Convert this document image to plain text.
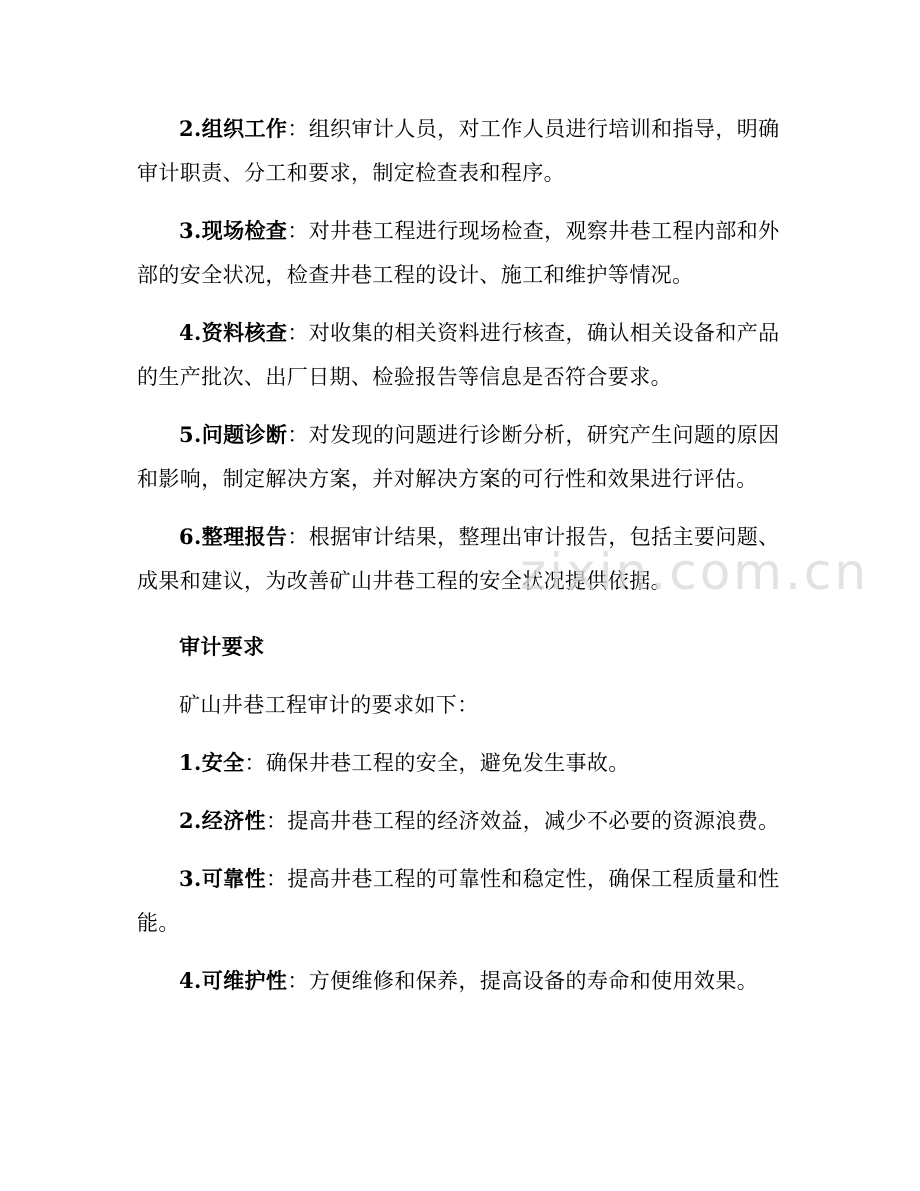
2.组织工作：组织审计人员，对工作人员进行培训和指导，明确审计职责、分工和要求，制定检查表和程序。

3.现场检查：对井巷工程进行现场检查，观察井巷工程内部和外部的安全状况，检查井巷工程的设计、施工和维护等情况。

4.资料核查：对收集的相关资料进行核查，确认相关设备和产品的生产批次、出厂日期、检验报告等信息是否符合要求。

5.问题诊断：对发现的问题进行诊断分析，研究产生问题的原因和影响，制定解决方案，并对解决方案的可行性和效果进行评估。

6.整理报告：根据审计结果，整理出审计报告，包括主要问题、成果和建议，为改善矿山井巷工程的安全状况提供依据。

zixin.com.cn

审计要求

矿山井巷工程审计的要求如下：

1.安全：确保井巷工程的安全，避免发生事故。

2.经济性：提高井巷工程的经济效益，减少不必要的资源浪费。

3.可靠性：提高井巷工程的可靠性和稳定性，确保工程质量和性能。

4.可维护性：方便维修和保养，提高设备的寿命和使用效果。
